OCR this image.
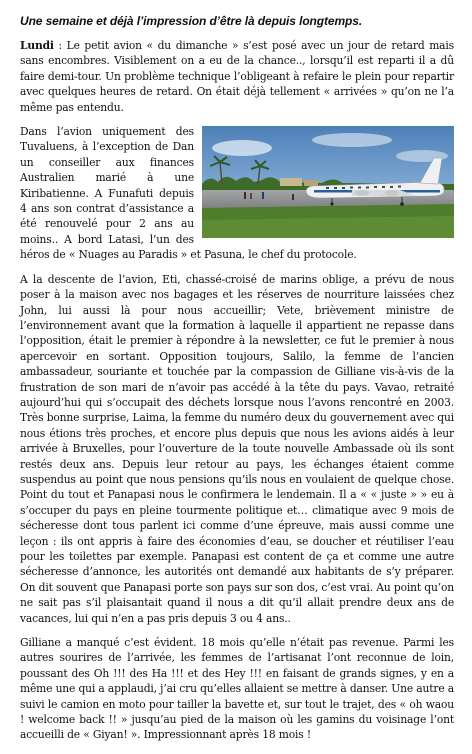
Une semaine et déjà l’impression d’être là depuis longtemps.

Lundi : Le petit avion « du dimanche » s’est posé avec un jour de retard mais sans encombres. Visiblement on a eu de la chance.., lorsqu’il est reparti il a dû faire demi-tour. Un problème technique l’obligeant à refaire le plein pour repartir avec quelques heures de retard. On était déjà tellement « arrivées » qu’on ne l’a même pas entendu.

Dans l’avion uniquement des Tuvaluens, à l’exception de Dan un conseiller aux finances Australien marié à une Kiribatienne. A Funafuti depuis 4 ans son contrat d’assistance a été renouvelé pour 2 ans au moins.. A bord Latasi, l’un des héros de « Nuages au Paradis » et Pasuna, le chef du protocole.

A la descente de l’avion, Eti, chassé-croisé de marins oblige, a prévu de nous poser à la maison avec nos bagages et les réserves de nourriture laissées chez John, lui aussi là pour nous accueillir; Vete, brièvement ministre de l’environnement avant que la formation à laquelle il appartient ne repasse dans l’opposition, était le premier à répondre à la newsletter, ce fut le premier à nous apercevoir en sortant. Opposition toujours, Salilo, la femme de l’ancien ambassadeur, souriante et touchée par la compassion de Gilliane vis-à-vis de la frustration de son mari de n’avoir pas accédé à la tête du pays. Vavao, retraité aujourd’hui qui s’occupait des déchets lorsque nous l’avons rencontré en 2003. Très bonne surprise, Laima, la femme du numéro deux du gouvernement avec qui nous étions très proches, et encore plus depuis que nous les avions aidés à leur arrivée à Bruxelles, pour l’ouverture de la toute nouvelle Ambassade où ils sont restés deux ans. Depuis leur retour au pays, les échanges étaient comme suspendus au point que nous pensions qu’ils nous en voulaient de quelque chose. Point du tout et Panapasi nous le confirmera le lendemain. Il a « « juste » » eu à s’occuper du pays en pleine tourmente politique et… climatique avec 9 mois de sécheresse dont tous parlent ici comme d’une épreuve, mais aussi comme une leçon : ils ont appris à faire des économies d’eau, se doucher et réutiliser l’eau pour les toilettes par exemple. Panapasi est content de ça et comme une autre sécheresse d’annonce, les autorités ont demandé aux habitants de s’y préparer. On dit souvent que Panapasi porte son pays sur son dos, c’est vrai. Au point qu’on ne sait pas s’il plaisantait quand il nous a dit qu’il allait prendre deux ans de vacances, lui qui n’en a pas pris depuis 3 ou 4 ans..

Gilliane a manqué c’est évident. 18 mois qu’elle n’était pas revenue. Parmi les autres sourires de l’arrivée, les femmes de l’artisanat l’ont reconnue de loin, poussant des Oh !!! des Ha !!! et des Hey !!! en faisant de grands signes, y en a même une qui a applaudi, j’ai cru qu’elles allaient se mettre à danser. Une autre a suivi le camion en moto pour tailler la bavette et, sur tout le trajet, des « oh waou ! welcome back !! » jusqu’au pied de la maison où les gamins du voisinage l’ont accueilli de « Giyan! ». Impressionnant après 18 mois !
